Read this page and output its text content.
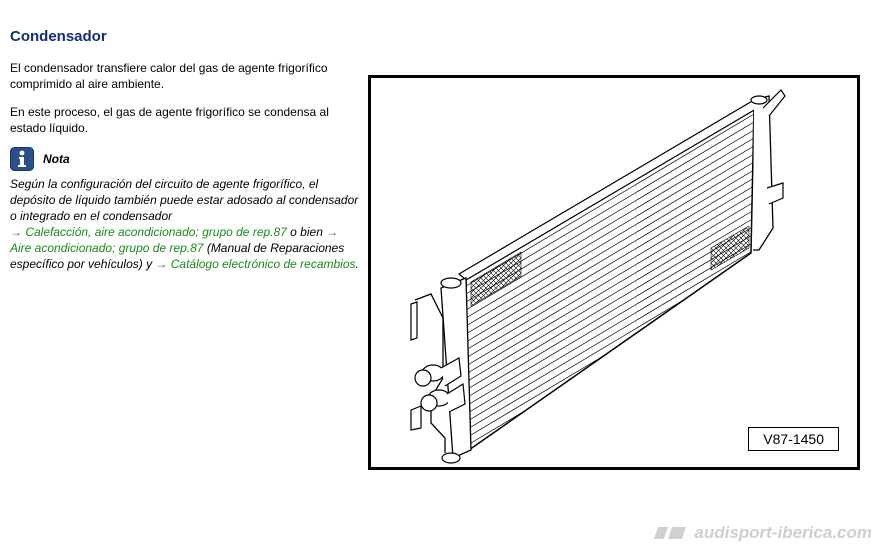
Condensador

El condensador transfiere calor del gas de agente frigorífico comprimido al aire ambiente.

En este proceso, el gas de agente frigorífico se condensa al estado líquido.

Nota

Según la configuración del circuito de agente frigorífico, el depósito de líquido también puede estar adosado al condensador o integrado en el condensador
→ Calefacción, aire acondicionado; grupo de rep.87 o bien → Aire acondicionado; grupo de rep.87 (Manual de Reparaciones específico por vehículos) y → Catálogo electrónico de recambios.

V87-1450
audisport-iberica.com
